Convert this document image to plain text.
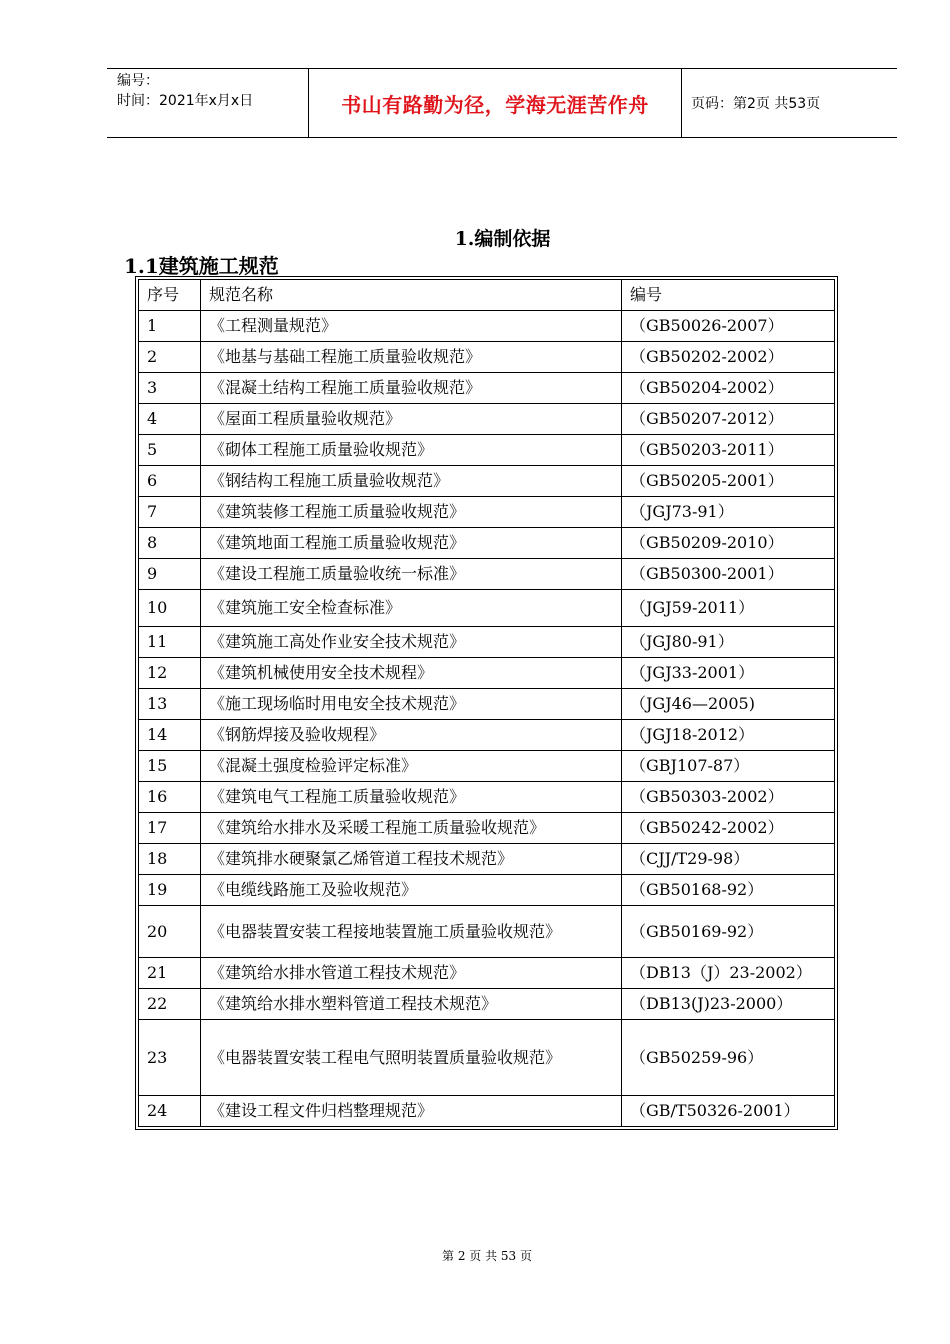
编号：
时间：2021年x月x日	书山有路勤为径，学海无涯苦作舟	页码：第2页 共53页
1.编制依据
1.1建筑施工规范
序号	规范名称	编号
1	《工程测量规范》	（GB50026-2007）
2	《地基与基础工程施工质量验收规范》	（GB50202-2002）
3	《混凝土结构工程施工质量验收规范》	（GB50204-2002）
4	《屋面工程质量验收规范》	（GB50207-2012）
5	《砌体工程施工质量验收规范》	（GB50203-2011）
6	《钢结构工程施工质量验收规范》	（GB50205-2001）
7	《建筑装修工程施工质量验收规范》	（JGJ73-91）
8	《建筑地面工程施工质量验收规范》	（GB50209-2010）
9	《建设工程施工质量验收统一标准》	（GB50300-2001）
10	《建筑施工安全检查标准》	（JGJ59-2011）
11	《建筑施工高处作业安全技术规范》	（JGJ80-91）
12	《建筑机械使用安全技术规程》	（JGJ33-2001）
13	《施工现场临时用电安全技术规范》	（JGJ46—2005)
14	《钢筋焊接及验收规程》	（JGJ18-2012）
15	《混凝土强度检验评定标准》	（GBJ107-87）
16	《建筑电气工程施工质量验收规范》	（GB50303-2002）
17	《建筑给水排水及采暖工程施工质量验收规范》	（GB50242-2002）
18	《建筑排水硬聚氯乙烯管道工程技术规范》	（CJJ/T29-98）
19	《电缆线路施工及验收规范》	（GB50168-92）
20	《电器装置安装工程接地装置施工质量验收规范》	（GB50169-92）
21	《建筑给水排水管道工程技术规范》	（DB13（J）23-2002）
22	《建筑给水排水塑料管道工程技术规范》	（DB13(J)23-2000）
23	《电器装置安装工程电气照明装置质量验收规范》	（GB50259-96）
24	《建设工程文件归档整理规范》	（GB/T50326-2001）
第 2 页 共 53 页
